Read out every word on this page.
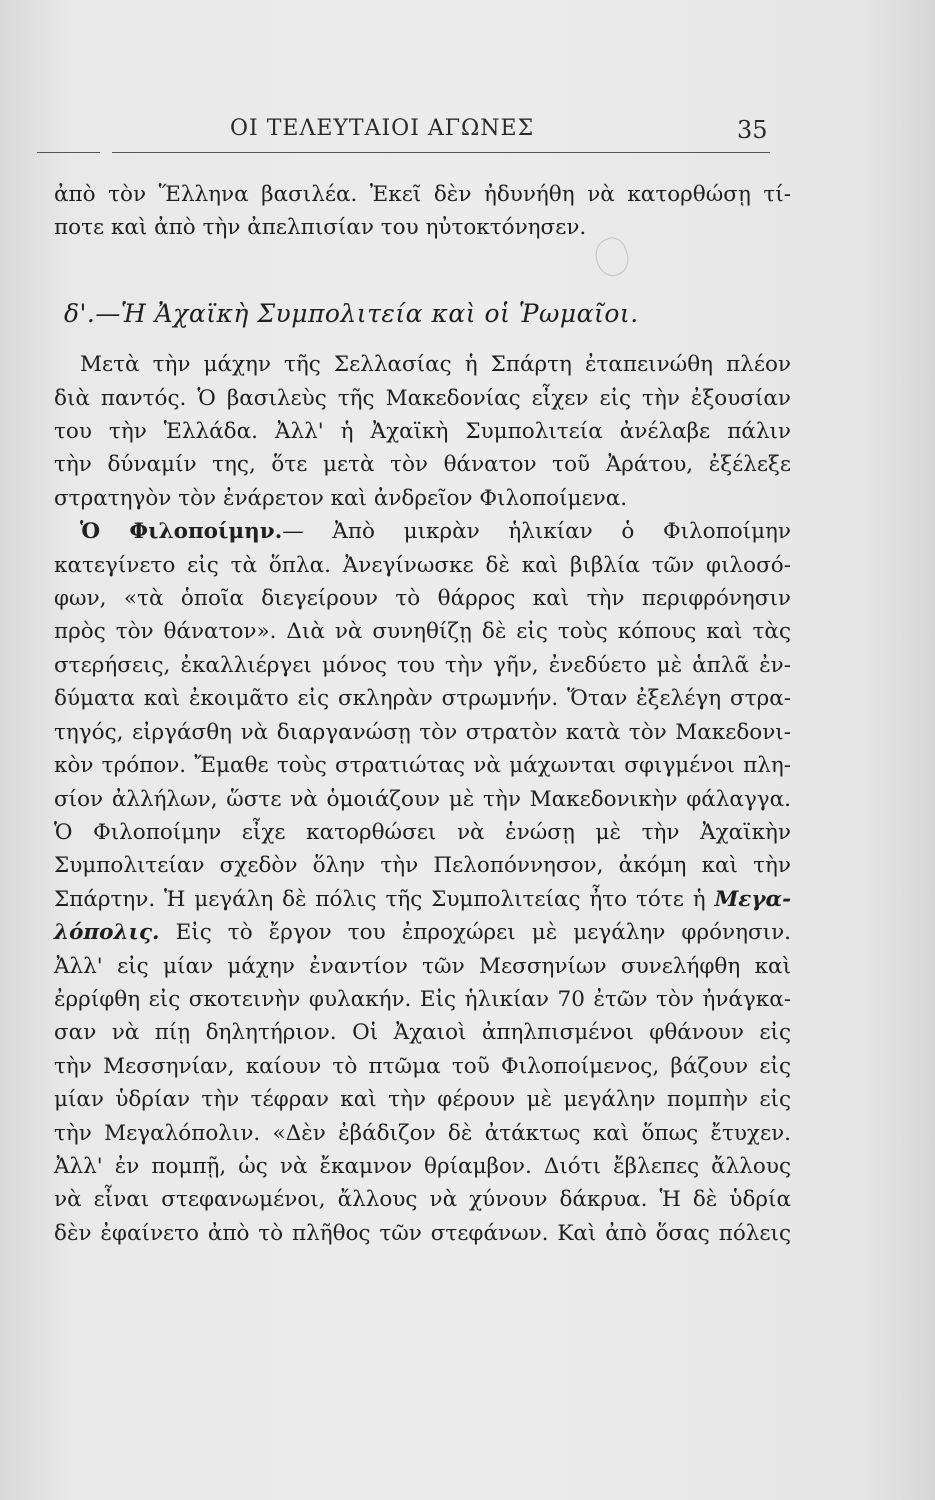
ΟΙ ΤΕΛΕΥΤΑΙΟΙ ΑΓΩΝΕΣ	35
ἀπὸ τὸν Ἕλληνα βασιλέα. Ἐκεῖ δὲν ἠδυνήθη νὰ κατορθώσῃ τί-
ποτε καὶ ἀπὸ τὴν ἀπελπισίαν του ηὐτοκτόνησεν.
δ'.—Ἡ Ἀχαϊκὴ Συμπολιτεία καὶ οἱ Ῥωμαῖοι.
Μετὰ τὴν μάχην τῆς Σελλασίας ἡ Σπάρτη ἐταπεινώθη πλέον
διὰ παντός. Ὁ βασιλεὺς τῆς Μακεδονίας εἶχεν εἰς τὴν ἐξουσίαν
του τὴν Ἑλλάδα. Ἀλλ' ἡ Ἀχαϊκὴ Συμπολιτεία ἀνέλαβε πάλιν
τὴν δύναμίν της, ὅτε μετὰ τὸν θάνατον τοῦ Ἀράτου, ἐξέλεξε
στρατηγὸν τὸν ἐνάρετον καὶ ἀνδρεῖον Φιλοποίμενα.
Ὁ Φιλοποίμην.— Ἀπὸ μικρὰν ἡλικίαν ὁ Φιλοποίμην
κατεγίνετο εἰς τὰ ὅπλα. Ἀνεγίνωσκε δὲ καὶ βιβλία τῶν φιλοσό-
φων, «τὰ ὁποῖα διεγείρουν τὸ θάρρος καὶ τὴν περιφρόνησιν
πρὸς τὸν θάνατον». Διὰ νὰ συνηθίζῃ δὲ εἰς τοὺς κόπους καὶ τὰς
στερήσεις, ἐκαλλιέργει μόνος του τὴν γῆν, ἐνεδύετο μὲ ἁπλᾶ ἐν-
δύματα καὶ ἐκοιμᾶτο εἰς σκληρὰν στρωμνήν. Ὅταν ἐξελέγη στρα-
τηγός, εἰργάσθη νὰ διαργανώσῃ τὸν στρατὸν κατὰ τὸν Μακεδονι-
κὸν τρόπον. Ἔμαθε τοὺς στρατιώτας νὰ μάχωνται σφιγμένοι πλη-
σίον ἀλλήλων, ὥστε νὰ ὁμοιάζουν μὲ τὴν Μακεδονικὴν φάλαγγα.
Ὁ Φιλοποίμην εἶχε κατορθώσει νὰ ἑνώσῃ μὲ τὴν Ἀχαϊκὴν
Συμπολιτείαν σχεδὸν ὅλην τὴν Πελοπόννησον, ἀκόμη καὶ τὴν
Σπάρτην. Ἡ μεγάλη δὲ πόλις τῆς Συμπολιτείας ἦτο τότε ἡ Μεγα-
λόπολις. Εἰς τὸ ἔργον του ἐπροχώρει μὲ μεγάλην φρόνησιν.
Ἀλλ' εἰς μίαν μάχην ἐναντίον τῶν Μεσσηνίων συνελήφθη καὶ
ἐρρίφθη εἰς σκοτεινὴν φυλακήν. Εἰς ἡλικίαν 70 ἐτῶν τὸν ἠνάγκα-
σαν νὰ πίῃ δηλητήριον. Οἱ Ἀχαιοὶ ἀπηλπισμένοι φθάνουν εἰς
τὴν Μεσσηνίαν, καίουν τὸ πτῶμα τοῦ Φιλοποίμενος, βάζουν εἰς
μίαν ὑδρίαν τὴν τέφραν καὶ τὴν φέρουν μὲ μεγάλην πομπὴν εἰς
τὴν Μεγαλόπολιν. «Δὲν ἐβάδιζον δὲ ἀτάκτως καὶ ὅπως ἔτυχεν.
Ἀλλ' ἐν πομπῇ, ὡς νὰ ἔκαμνον θρίαμβον. Διότι ἔβλεπες ἄλλους
νὰ εἶναι στεφανωμένοι, ἄλλους νὰ χύνουν δάκρυα. Ἡ δὲ ὑδρία
δὲν ἐφαίνετο ἀπὸ τὸ πλῆθος τῶν στεφάνων. Καὶ ἀπὸ ὅσας πόλεις
